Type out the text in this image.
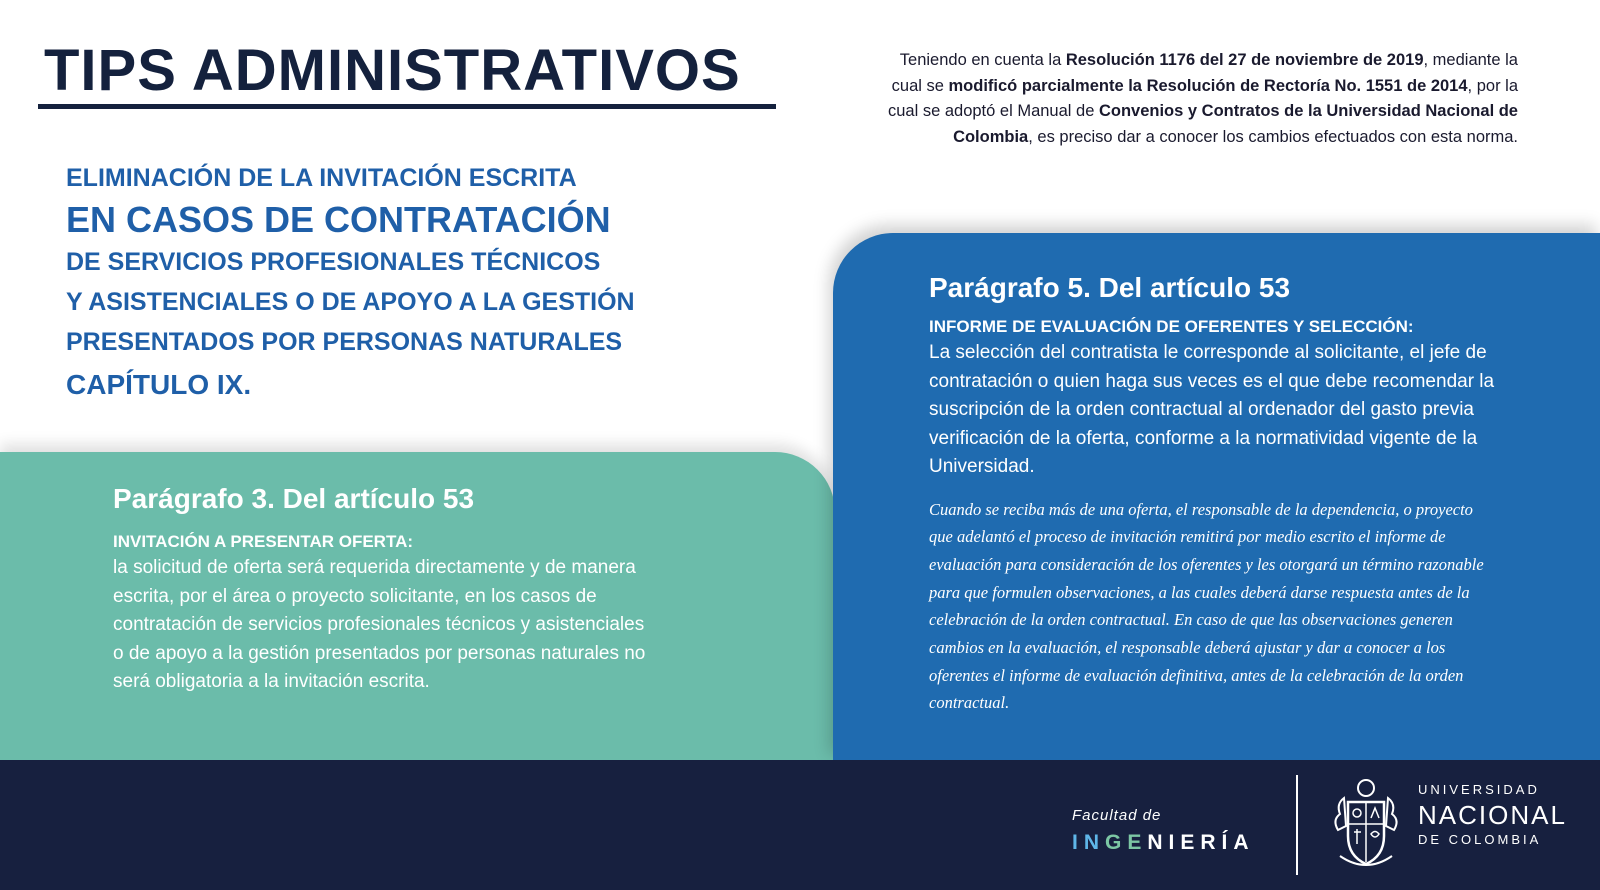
TIPS ADMINISTRATIVOS
ELIMINACIÓN DE LA INVITACIÓN ESCRITA
EN CASOS DE CONTRATACIÓN
DE SERVICIOS PROFESIONALES TÉCNICOS
Y ASISTENCIALES O DE APOYO A LA GESTIÓN
PRESENTADOS POR PERSONAS NATURALES
CAPÍTULO IX.

Teniendo en cuenta la Resolución 1176 del 27 de noviembre de 2019, mediante la cual se modificó parcialmente la Resolución de Rectoría No. 1551 de 2014, por la cual se adoptó el Manual de Convenios y Contratos de la Universidad Nacional de Colombia, es preciso dar a conocer los cambios efectuados con esta norma.

Parágrafo 3. Del artículo 53

INVITACIÓN A PRESENTAR OFERTA:

la solicitud de oferta será requerida directamente y de manera escrita, por el área o proyecto solicitante, en los casos de contratación de servicios profesionales técnicos y asistenciales o de apoyo a la gestión presentados por personas naturales no será obligatoria a la invitación escrita.

Parágrafo 5. Del artículo 53

INFORME DE EVALUACIÓN DE OFERENTES Y SELECCIÓN:

La selección del contratista le corresponde al solicitante, el jefe de contratación o quien haga sus veces es el que debe recomendar la suscripción de la orden contractual al ordenador del gasto previa verificación de la oferta, conforme a la normatividad vigente de la Universidad.

Cuando se reciba más de una oferta, el responsable de la dependencia, o proyecto que adelantó el proceso de invitación remitirá por medio escrito el informe de evaluación para consideración de los oferentes y les otorgará un término razonable para que formulen observaciones, a las cuales deberá darse respuesta antes de la celebración de la orden contractual. En caso de que las observaciones generen cambios en la evaluación, el responsable deberá ajustar y dar a conocer a los oferentes el informe de evaluación definitiva, antes de la celebración de la orden contractual.

Facultad de
INGENIERÍA
UNIVERSIDAD
NACIONAL
DE COLOMBIA
